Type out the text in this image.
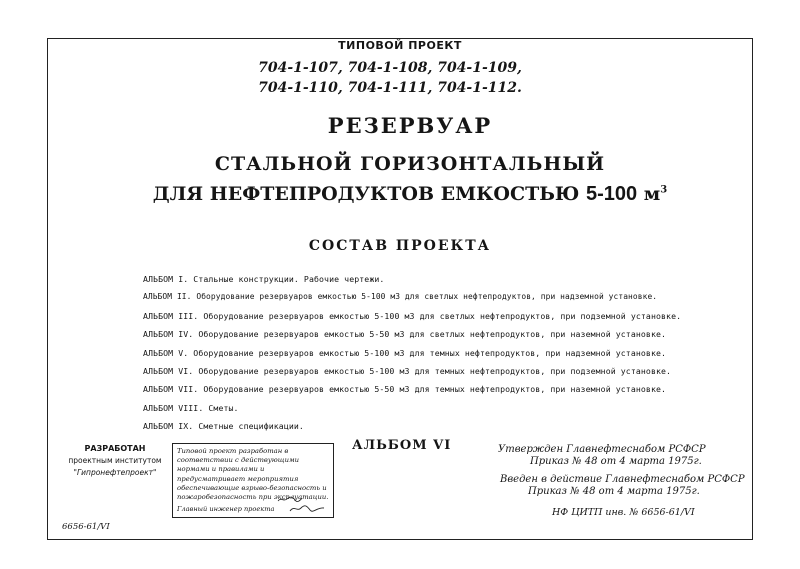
ТИПОВОЙ ПРОЕКТ
704-1-107, 704-1-108, 704-1-109,
704-1-110, 704-1-111, 704-1-112.
РЕЗЕРВУАР
СТАЛЬНОЙ ГОРИЗОНТАЛЬНЫЙ
ДЛЯ НЕФТЕПРОДУКТОВ ЕМКОСТЬЮ 5-100 $м^3$
СОСТАВ ПРОЕКТА
АЛЬБОМ I. Стальные конструкции. Рабочие чертежи.
АЛЬБОМ II. Оборудование резервуаров емкостью 5-100 м3 для светлых нефтепродуктов, при надземной установке.
АЛЬБОМ III. Оборудование резервуаров емкостью 5-100 м3 для светлых нефтепродуктов, при подземной установке.
АЛЬБОМ IV. Оборудование резервуаров емкостью 5-50 м3 для светлых нефтепродуктов, при наземной установке.
АЛЬБОМ V. Оборудование резервуаров емкостью 5-100 м3 для темных нефтепродуктов, при надземной установке.
АЛЬБОМ VI. Оборудование резервуаров емкостью 5-100 м3 для темных нефтепродуктов, при подземной установке.
АЛЬБОМ VII. Оборудование резервуаров емкостью 5-50 м3 для темных нефтепродуктов, при наземной установке.
АЛЬБОМ VIII. Сметы.
АЛЬБОМ IX. Сметные спецификации.
РАЗРАБОТАН
проектным институтом
"Гипронефтепроект"
Типовой проект разработан в соответствии с действующими нормами и правилами и предусматривает мероприятия обеспечивающие взрыво-безопасность и пожаробезопасность при эксплуатации.
Главный инженер проекта
АЛЬБОМ VI	Утвержден Главнефтеснабом РСФСР
Приказ № 48 от 4 марта 1975г.
Введен в действие Главнефтеснабом РСФСР
Приказ № 48 от 4 марта 1975г.
НФ ЦИТП инв. № 6656-61/VI
6656-61/VI
